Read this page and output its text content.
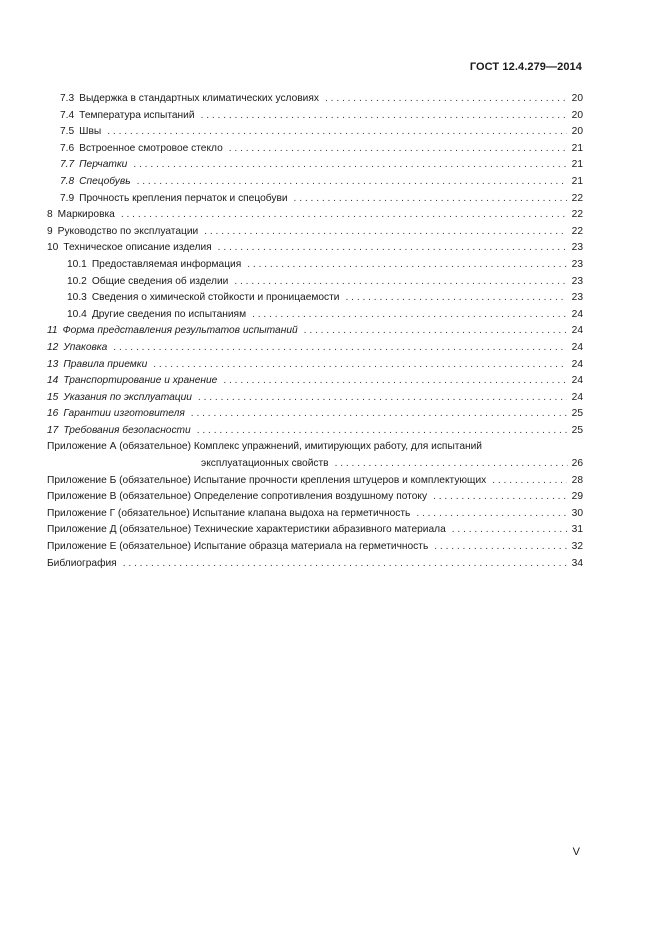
ГОСТ 12.4.279—2014
7.3 Выдержка в стандартных климатических условиях . . .	20
7.4 Температура испытаний . . .	20
7.5 Швы . . .	20
7.6 Встроенное смотровое стекло . . .	21
7.7 Перчатки . . .	21
7.8 Спецобувь . . .	21
7.9 Прочность крепления перчаток и спецобуви . . .	22
8 Маркировка . . .	22
9 Руководство по эксплуатации . . .	22
10 Техническое описание изделия . . .	23
10.1 Предоставляемая информация . . .	23
10.2 Общие сведения об изделии . . .	23
10.3 Сведения о химической стойкости и проницаемости . . .	23
10.4 Другие сведения по испытаниям . . .	24
11 Форма представления результатов испытаний . . .	24
12 Упаковка . . .	24
13 Правила приемки . . .	24
14 Транспортирование и хранение . . .	24
15 Указания по эксплуатации . . .	24
16 Гарантии изготовителя . . .	25
17 Требования безопасности . . .	25
Приложение А (обязательное) Комплекс упражнений, имитирующих работу, для испытаний
эксплуатационных свойств . . .	26
Приложение Б (обязательное) Испытание прочности крепления штуцеров и комплектующих . . .	28
Приложение В (обязательное) Определение сопротивления воздушному потоку . . .	29
Приложение Г (обязательное) Испытание клапана выдоха на герметичность . . .	30
Приложение Д (обязательное) Технические характеристики абразивного материала . . .	31
Приложение Е (обязательное) Испытание образца материала на герметичность . . .	32
Библиография . . .	34
V
